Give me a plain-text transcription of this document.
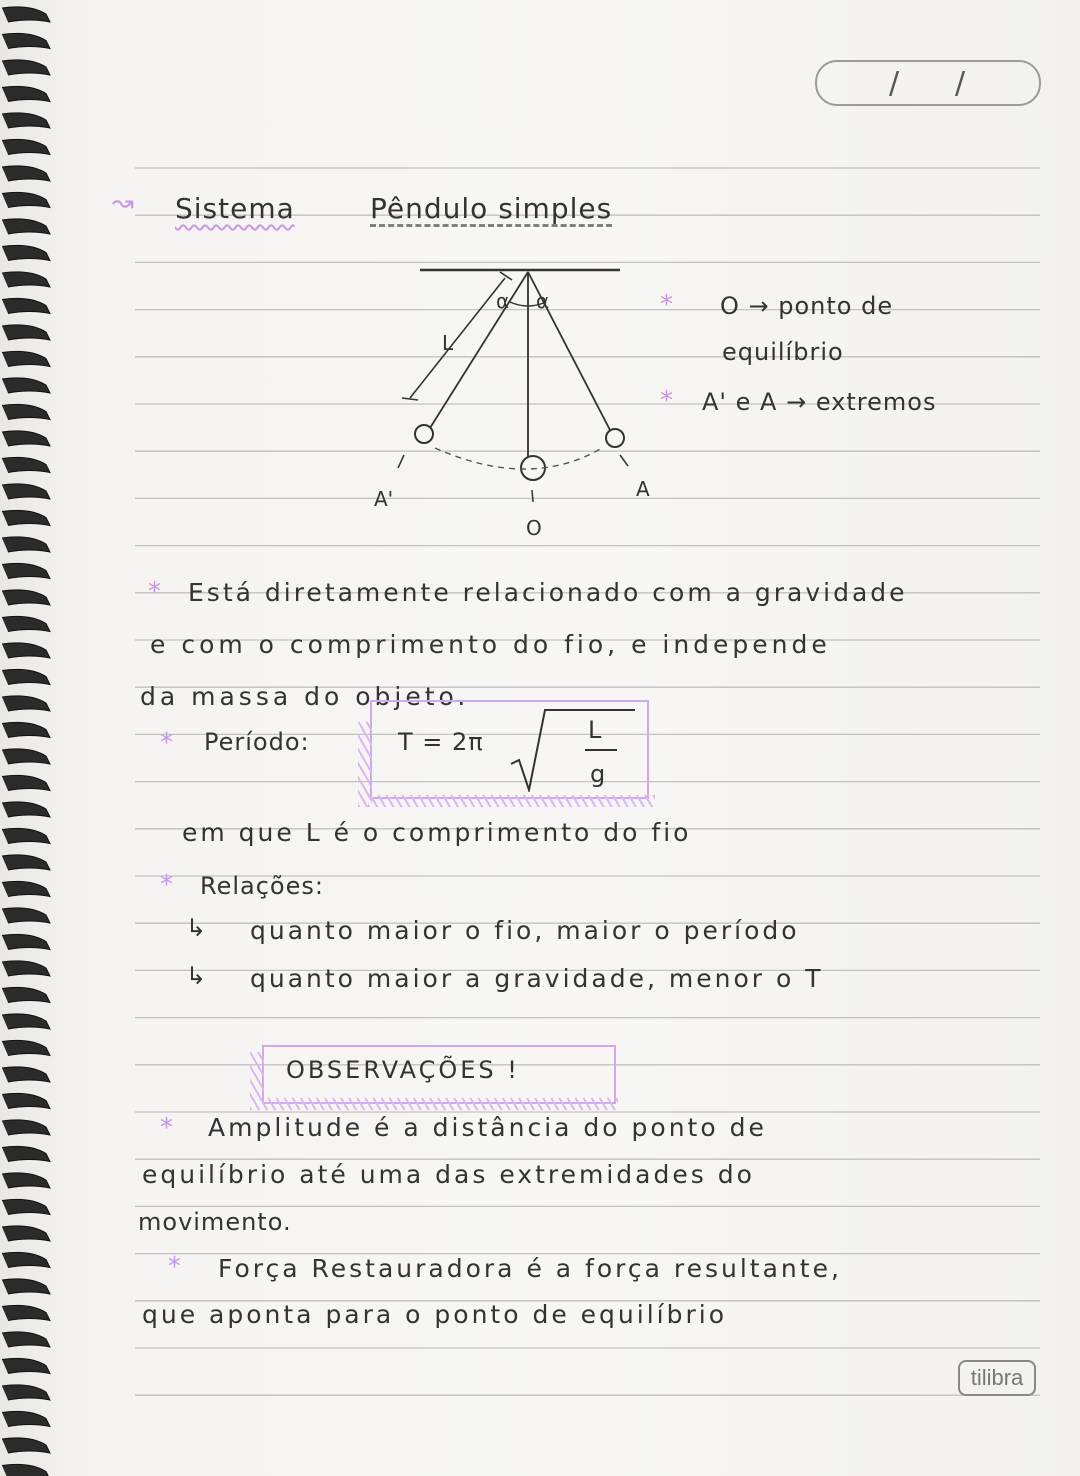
/ /
↝ Sistema	Pêndulo simples
L
α α
A'	A
O
* O → ponto de
equilíbrio
* A' e A → extremos
* Está diretamente relacionado com a gravidade
e com o comprimento do fio, e independe
da massa do objeto.
* Período:	T = 2π	L
g
em que L é o comprimento do fio
* Relações:
↳ quanto maior o fio, maior o período
↳ quanto maior a gravidade, menor o T
OBSERVAÇÕES !
* Amplitude é a distância do ponto de
equilíbrio até uma das extremidades do
movimento.
* Força Restauradora é a força resultante,
que aponta para o ponto de equilíbrio
tilibra
